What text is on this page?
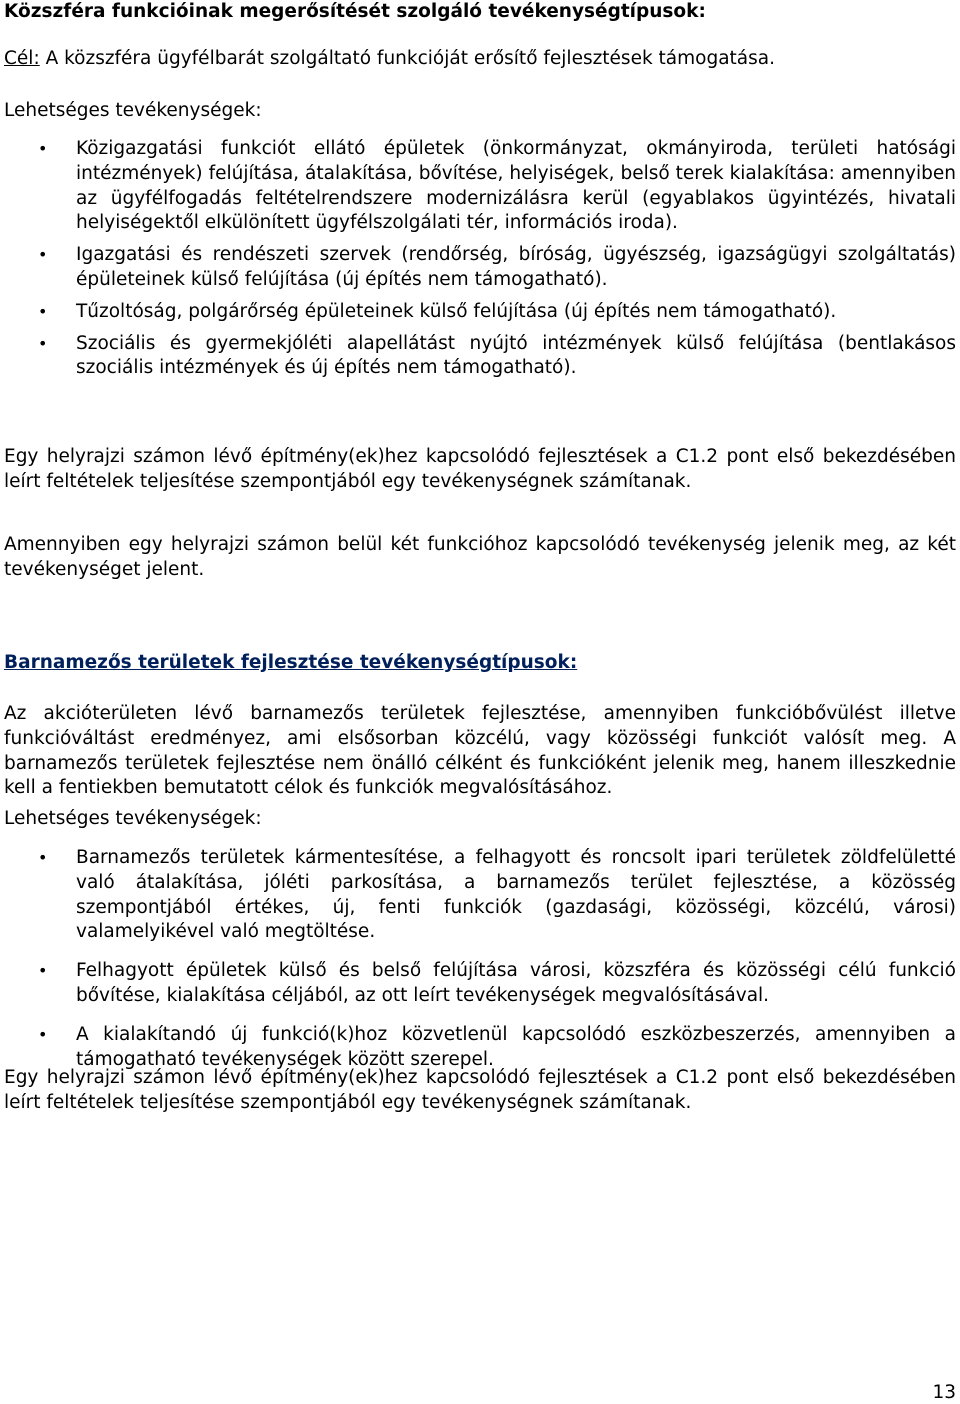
Közszféra funkcióinak megerősítését szolgáló tevékenységtípusok:

Cél: A közszféra ügyfélbarát szolgáltató funkcióját erősítő fejlesztések támogatása.

Lehetséges tevékenységek:

• Közigazgatási funkciót ellátó épületek (önkormányzat, okmányiroda, területi hatósági intézmények) felújítása, átalakítása, bővítése, helyiségek, belső terek kialakítása: amennyiben az ügyfélfogadás feltételrendszere modernizálásra kerül (egyablakos ügyintézés, hivatali helyiségektől elkülönített ügyfélszolgálati tér, információs iroda).
• Igazgatási és rendészeti szervek (rendőrség, bíróság, ügyészség, igazságügyi szolgáltatás) épületeinek külső felújítása (új építés nem támogatható).
• Tűzoltóság, polgárőrség épületeinek külső felújítása (új építés nem támogatható).
• Szociális és gyermekjóléti alapellátást nyújtó intézmények külső felújítása (bentlakásos szociális intézmények és új építés nem támogatható).

Egy helyrajzi számon lévő építmény(ek)hez kapcsolódó fejlesztések a C1.2 pont első bekezdésében leírt feltételek teljesítése szempontjából egy tevékenységnek számítanak.

Amennyiben egy helyrajzi számon belül két funkcióhoz kapcsolódó tevékenység jelenik meg, az két tevékenységet jelent.

Barnamezős területek fejlesztése tevékenységtípusok:

Az akcióterületen lévő barnamezős területek fejlesztése, amennyiben funkcióbővülést illetve funkcióváltást eredményez, ami elsősorban közcélú, vagy közösségi funkciót valósít meg. A barnamezős területek fejlesztése nem önálló célként és funkcióként jelenik meg, hanem illeszkednie kell a fentiekben bemutatott célok és funkciók megvalósításához.

Lehetséges tevékenységek:

• Barnamezős területek kármentesítése, a felhagyott és roncsolt ipari területek zöldfelületté való átalakítása, jóléti parkosítása, a barnamezős terület fejlesztése, a közösség szempontjából értékes, új, fenti funkciók (gazdasági, közösségi, közcélú, városi) valamelyikével való megtöltése.
• Felhagyott épületek külső és belső felújítása városi, közszféra és közösségi célú funkció bővítése, kialakítása céljából, az ott leírt tevékenységek megvalósításával.
• A kialakítandó új funkció(k)hoz közvetlenül kapcsolódó eszközbeszerzés, amennyiben a támogatható tevékenységek között szerepel.

Egy helyrajzi számon lévő építmény(ek)hez kapcsolódó fejlesztések a C1.2 pont első bekezdésében leírt feltételek teljesítése szempontjából egy tevékenységnek számítanak.

13
